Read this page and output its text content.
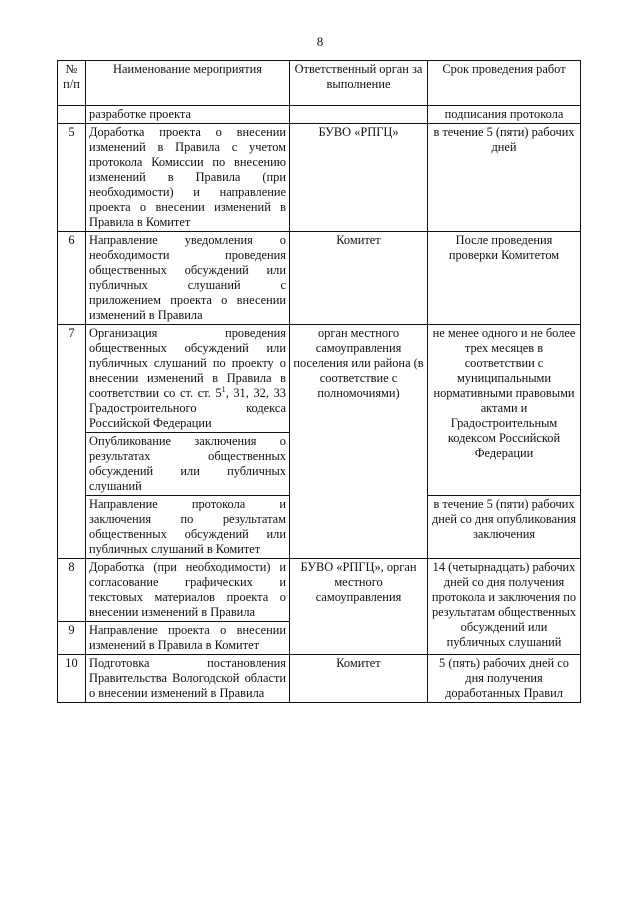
8
№ п/п	Наименование мероприятия	Ответственный орган за выполнение	Срок проведения работ
	разработке проекта		подписания протокола
5	Доработка проекта о внесении изменений в Правила с учетом протокола Комиссии по внесению изменений в Правила (при необходимости) и направление проекта о внесении изменений в Правила в Комитет	БУВО «РПГЦ»	в течение 5 (пяти) рабочих дней
6	Направление уведомления о необходимости проведения общественных обсуждений или публичных слушаний с приложением проекта о внесении изменений в Правила	Комитет	После проведения проверки Комитетом
7	Организация проведения общественных обсуждений или публичных слушаний по проекту о внесении изменений в Правила в соответствии со ст. ст. $5^1$, 31, 32, 33 Градостроительного кодекса Российской Федерации	орган местного самоуправления поселения или района (в соответствие с полномочиями)	не менее одного и не более трех месяцев в соответствии с муниципальными нормативными правовыми актами и Градостроительным кодексом Российской Федерации
	Опубликование заключения о результатах общественных обсуждений или публичных слушаний		
	Направление протокола и заключения по результатам общественных обсуждений или публичных слушаний в Комитет		в течение 5 (пяти) рабочих дней со дня опубликования заключения
8	Доработка (при необходимости) и согласование графических и текстовых материалов проекта о внесении изменений в Правила	БУВО «РПГЦ», орган местного самоуправления	14 (четырнадцать) рабочих дней со дня получения протокола и заключения по результатам общественных обсуждений или публичных слушаний
9	Направление проекта о внесении изменений в Правила в Комитет		
10	Подготовка постановления Правительства Вологодской области о внесении изменений в Правила	Комитет	5 (пять) рабочих дней со дня получения доработанных Правил
